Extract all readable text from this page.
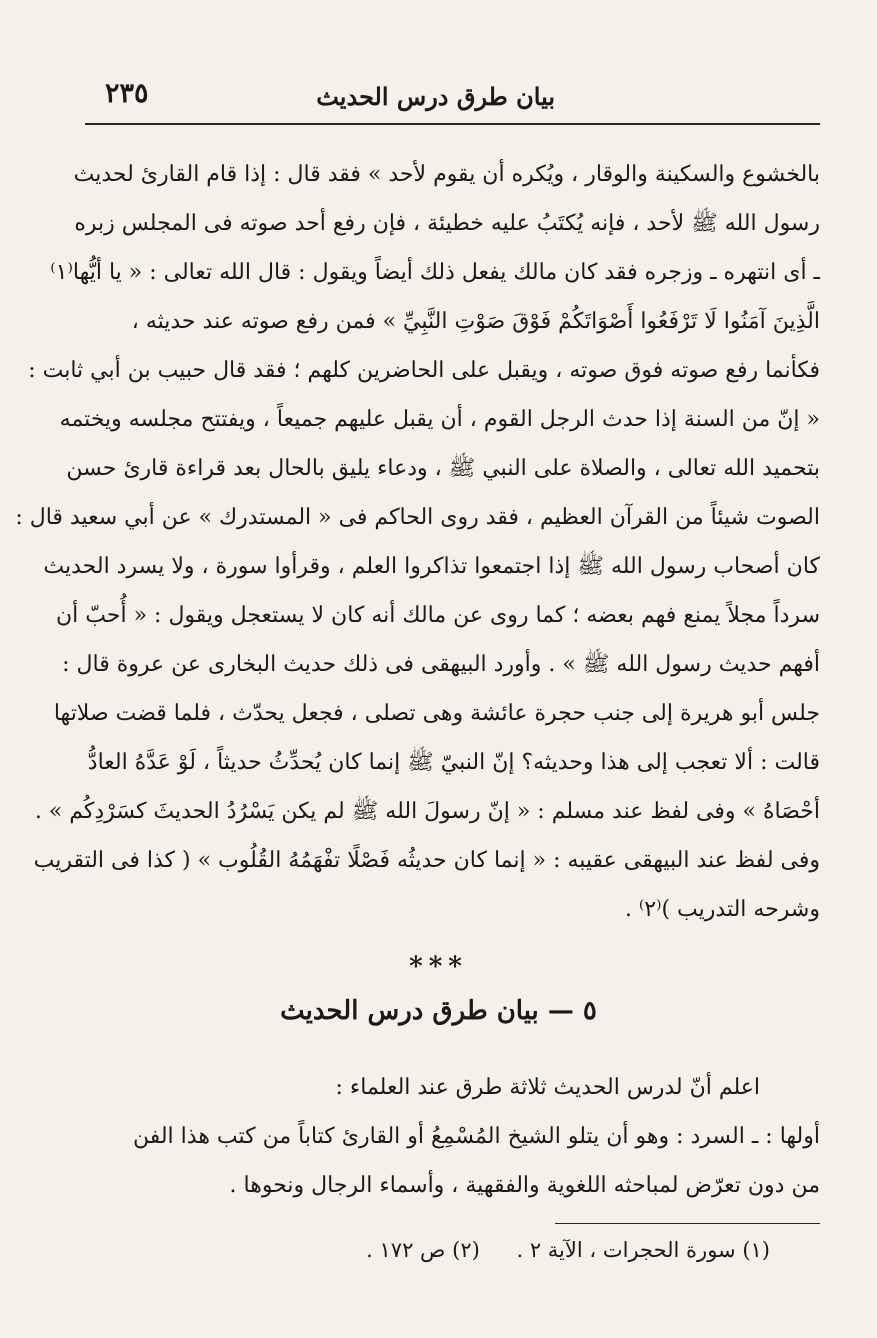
بيان طرق درس الحديث
٢٣٥
بالخشوع والسكينة والوقار ، ويُكره أن يقوم لأحد » فقد قال : إذا قام القارئ لحديث
رسول الله ﷺ لأحد ، فإنه يُكتَبُ عليه خطيئة ، فإن رفع أحد صوته فى المجلس زبره
ـ أى انتهره ـ وزجره فقد كان مالك يفعل ذلك أيضاً ويقول : قال الله تعالى : « يا أيُّها⁽١⁾
الَّذِينَ آمَنُوا لَا تَرْفَعُوا أَصْوَاتَكُمْ فَوْقَ صَوْتِ النَّبِيِّ » فمن رفع صوته عند حديثه ،
فكأنما رفع صوته فوق صوته ، ويقبل على الحاضرين كلهم ؛ فقد قال حبيب بن أبي ثابت :
« إنّ من السنة إذا حدث الرجل القوم ، أن يقبل عليهم جميعاً ، ويفتتح مجلسه ويختمه
بتحميد الله تعالى ، والصلاة على النبي ﷺ ، ودعاء يليق بالحال بعد قراءة قارئ حسن
الصوت شيئاً من القرآن العظيم ، فقد روى الحاكم فى « المستدرك » عن أبي سعيد قال :
كان أصحاب رسول الله ﷺ إذا اجتمعوا تذاكروا العلم ، وقرأوا سورة ، ولا يسرد الحديث
سرداً مجلاً يمنع فهم بعضه ؛ كما روى عن مالك أنه كان لا يستعجل ويقول : « أُحبّ أن
أفهم حديث رسول الله ﷺ » . وأورد البيهقى فى ذلك حديث البخارى عن عروة قال :
جلس أبو هريرة إلى جنب حجرة عائشة وهى تصلى ، فجعل يحدّث ، فلما قضت صلاتها
قالت : ألا تعجب إلى هذا وحديثه؟ إنّ النبيّ ﷺ إنما كان يُحدِّثُ حديثاً ، لَوْ عَدَّهُ العادُّ
أحْصَاهُ » وفى لفظ عند مسلم : « إنّ رسولَ الله ﷺ لم يكن يَسْرُدُ الحديثَ كسَرْدِكُم » .
وفى لفظ عند البيهقى عقيبه : « إنما كان حديثُه فَصْلًا تفْهَمُهُ القُلُوب » ( كذا فى التقريب
وشرحه التدريب )⁽٢⁾ .
***
٥ — بيان طرق درس الحديث
اعلم أنّ لدرس الحديث ثلاثة طرق عند العلماء :
أولها : ـ السرد : وهو أن يتلو الشيخ المُسْمِعُ أو القارئ كتاباً من كتب هذا الفن
من دون تعرّض لمباحثه اللغوية والفقهية ، وأسماء الرجال ونحوها .
(١) سورة الحجرات ، الآية ٢ . (٢) ص ١٧٢ .
